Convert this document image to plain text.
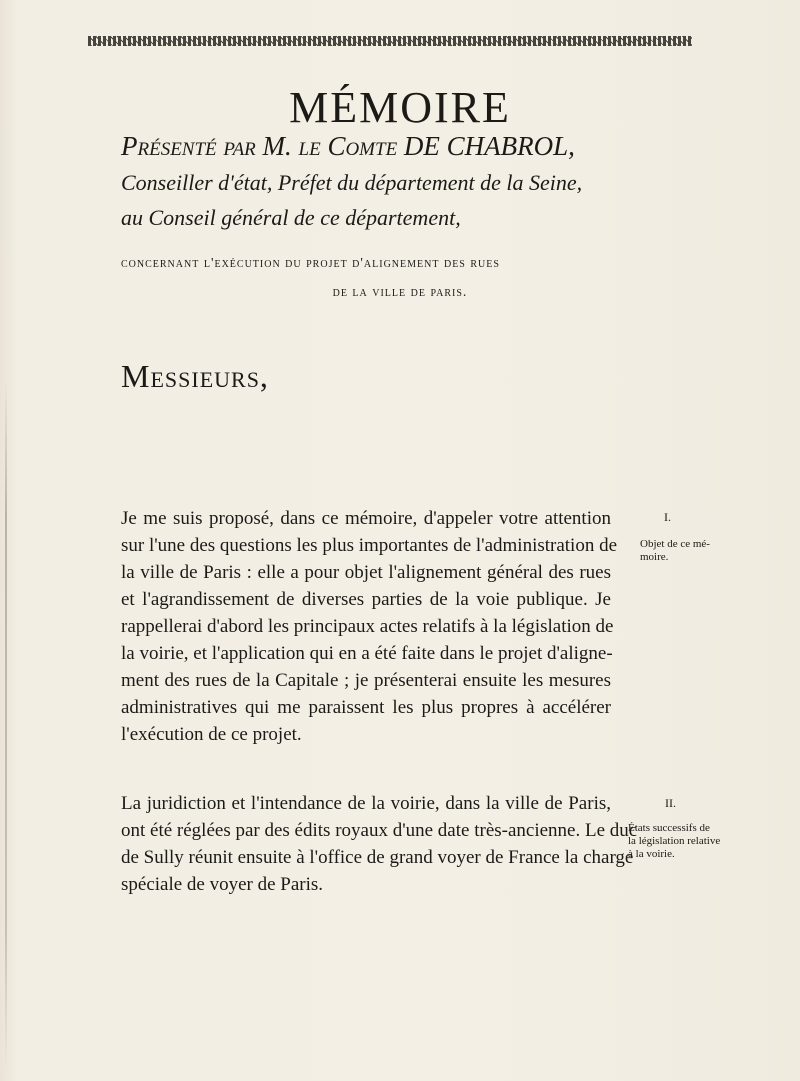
MÉMOIRE
Présenté par M. le Comte DE CHABROL,
Conseiller d'état, Préfet du département de la Seine,
au Conseil général de ce département,
concernant l'exécution du projet d'alignement des rues
de la ville de paris.
Messieurs,
Je me suis proposé, dans ce mémoire, d'appeler votre attention
sur l'une des questions les plus importantes de l'administration de
la ville de Paris : elle a pour objet l'alignement général des rues
et l'agrandissement de diverses parties de la voie publique. Je
rappellerai d'abord les principaux actes relatifs à la législation de
la voirie, et l'application qui en a été faite dans le projet d'aligne-
ment des rues de la Capitale ; je présenterai ensuite les mesures
administratives qui me paraissent les plus propres à accélérer
l'exécution de ce projet.
I.
Objet de ce mé-
moire.
La juridiction et l'intendance de la voirie, dans la ville de Paris,
ont été réglées par des édits royaux d'une date très-ancienne. Le duc
de Sully réunit ensuite à l'office de grand voyer de France la charge
spéciale de voyer de Paris.
II.
États successifs de
la législation relative
à la voirie.
